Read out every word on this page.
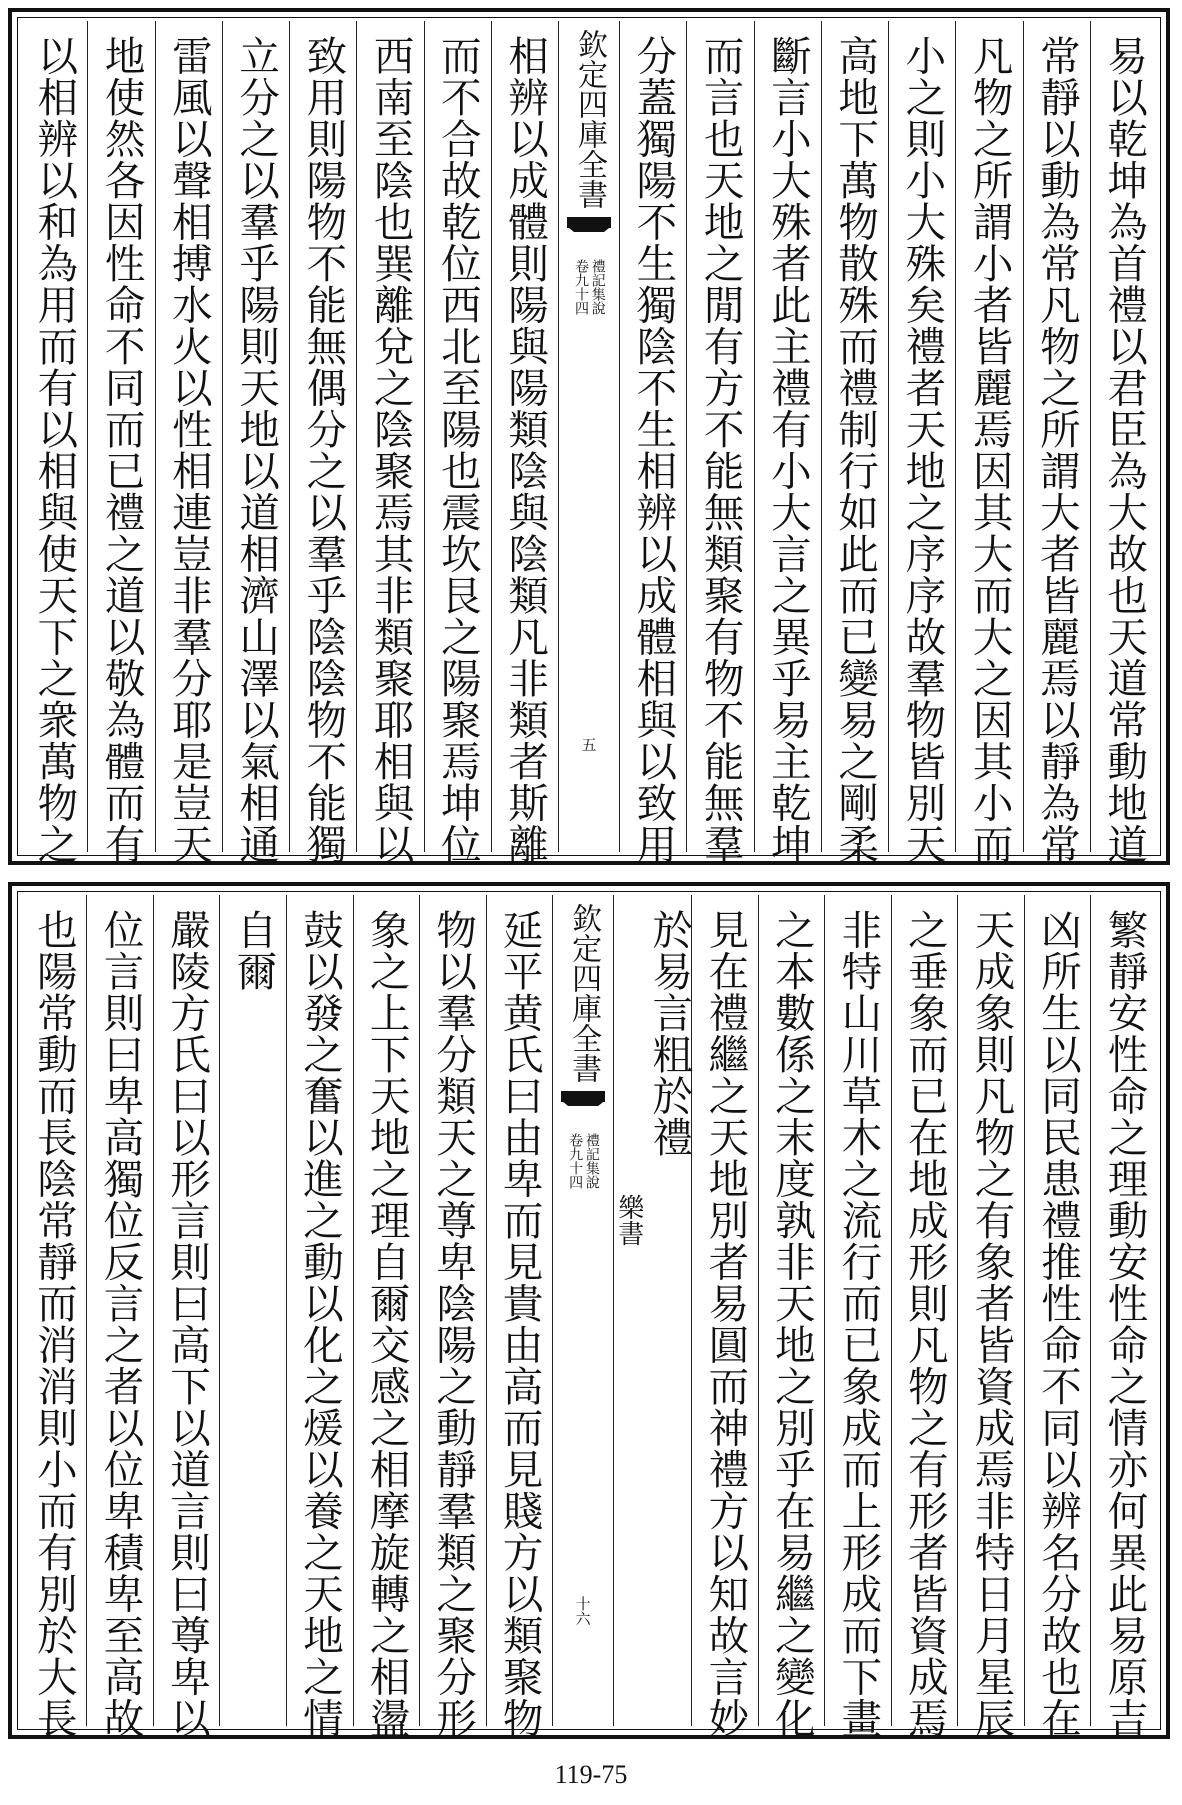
易以乾坤為首禮以君臣為大故也天道常動地道
常靜以動為常凡物之所謂大者皆麗焉以靜為常
凡物之所謂小者皆麗焉因其大而大之因其小而
小之則小大殊矣禮者天地之序序故羣物皆別天
高地下萬物散殊而禮制行如此而已變易之剛柔
斷言小大殊者此主禮有小大言之異乎易主乾坤
而言也天地之閒有方不能無類聚有物不能無羣
分蓋獨陽不生獨陰不生相辨以成體相與以致用
欽定四庫全書
禮記集說
卷九十四
五
相辨以成體則陽與陽類陰與陰類凡非類者斯離
而不合故乾位西北至陽也震坎艮之陽聚焉坤位
西南至陰也巽離兌之陰聚焉其非類聚耶相與以
致用則陽物不能無偶分之以羣乎陰陰物不能獨
立分之以羣乎陽則天地以道相濟山澤以氣相通
雷風以聲相搏水火以性相連豈非羣分耶是豈天
地使然各因性命不同而已禮之道以敬為體而有
以相辨以和為用而有以相與使天下之衆萬物之
繁靜安性命之理動安性命之情亦何異此易原吉
凶所生以同民患禮推性命不同以辨名分故也在
天成象則凡物之有象者皆資成焉非特日月星辰
之垂象而已在地成形則凡物之有形者皆資成焉
非特山川草木之流行而已象成而上形成而下畫
之本數係之末度孰非天地之別乎在易繼之變化
見在禮繼之天地別者易圓而神禮方以知故言妙
於易言粗於禮
樂書
欽定四庫全書
禮記集說
卷九十四
十六
延平黄氏曰由卑而見貴由高而見賤方以類聚物
物以羣分類天之尊卑陰陽之動靜羣類之聚分形
象之上下天地之理自爾交感之相摩旋轉之相盪
鼓以發之奮以進之動以化之煖以養之天地之情
自爾
嚴陵方氏曰以形言則曰高下以道言則曰尊卑以
位言則曰卑高獨位反言之者以位卑積卑至高故
也陽常動而長陰常靜而消消則小而有別於大長
119-75
